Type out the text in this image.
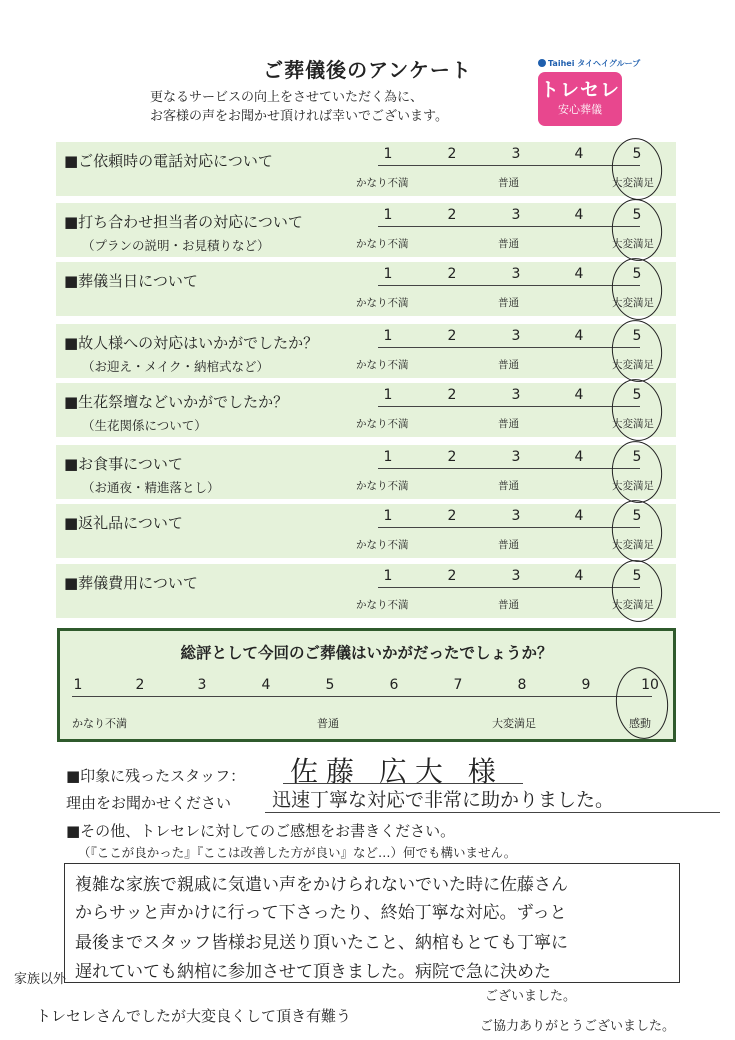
ご葬儀後のアンケート
更なるサービスの向上をさせていただく為に、
お客様の声をお聞かせ頂ければ幸いでございます。
Taihei タイヘイグループ
トレセレ
安心葬儀
■ご依頼時の電話対応について	1	2	3	4	5
かなり不満	普通	大変満足
■打ち合わせ担当者の対応について
（プランの説明・お見積りなど）
1	2	3	4	5
かなり不満	普通	大変満足
■葬儀当日について	1	2	3	4	5
かなり不満	普通	大変満足
■故人様への対応はいかがでしたか？
（お迎え・メイク・納棺式など）
1	2	3	4	5
かなり不満	普通	大変満足
■生花祭壇などいかがでしたか？
（生花関係について）
1	2	3	4	5
かなり不満	普通	大変満足
■お食事について
（お通夜・精進落とし）
1	2	3	4	5
かなり不満	普通	大変満足
■返礼品について	1	2	3	4	5
かなり不満	普通	大変満足
■葬儀費用について	1	2	3	4	5
かなり不満	普通	大変満足
総評として今回のご葬儀はいかがだったでしょうか？
1	2	3	4	5	6	7	8	9	10
かなり不満	普通	大変満足	感動
■印象に残ったスタッフ： 佐藤 広大 様
理由をお聞かせください 迅速丁寧な対応で非常に助かりました。
■その他、トレセレに対してのご感想をお書きください。
（『ここが良かった』『ここは改善した方が良い』など…）何でも構いません。
複雑な家族で親戚に気遣い声をかけられないでいた時に佐藤さん
からサッと声かけに行って下さったり、終始丁寧な対応。ずっと
最後までスタッフ皆様お見送り頂いたこと、納棺もとても丁寧に
遅れていても納棺に参加させて頂きました。病院で急に決めた
家族以外
ございました。
トレセレさんでしたが大変良くして頂き有難う
ご協力ありがとうございました。
